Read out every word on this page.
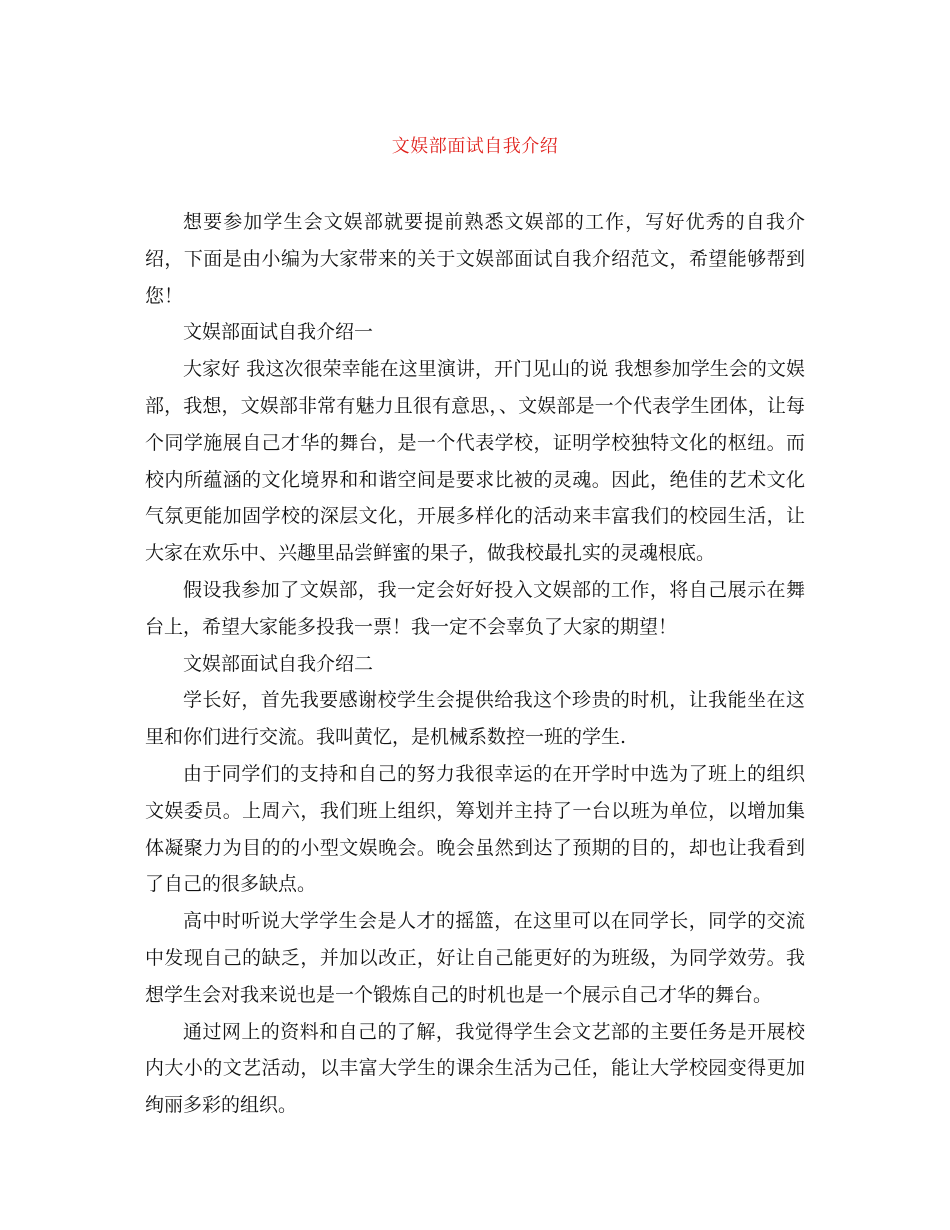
文娱部面试自我介绍

想要参加学生会文娱部就要提前熟悉文娱部的工作，写好优秀的自我介绍，下面是由小编为大家带来的关于文娱部面试自我介绍范文，希望能够帮到您！

文娱部面试自我介绍一

大家好 我这次很荣幸能在这里演讲，开门见山的说 我想参加学生会的文娱部，我想，文娱部非常有魅力且很有意思，、文娱部是一个代表学生团体，让每个同学施展自己才华的舞台，是一个代表学校，证明学校独特文化的枢纽。而校内所蕴涵的文化境界和和谐空间是要求比被的灵魂。因此，绝佳的艺术文化气氛更能加固学校的深层文化，开展多样化的活动来丰富我们的校园生活，让大家在欢乐中、兴趣里品尝鲜蜜的果子，做我校最扎实的灵魂根底。

假设我参加了文娱部，我一定会好好投入文娱部的工作，将自己展示在舞台上，希望大家能多投我一票！我一定不会辜负了大家的期望！

文娱部面试自我介绍二

学长好，首先我要感谢校学生会提供给我这个珍贵的时机，让我能坐在这里和你们进行交流。我叫黄忆，是机械系数控一班的学生.

由于同学们的支持和自己的努力我很幸运的在开学时中选为了班上的组织文娱委员。上周六，我们班上组织，筹划并主持了一台以班为单位，以增加集体凝聚力为目的的小型文娱晚会。晚会虽然到达了预期的目的，却也让我看到了自己的很多缺点。

高中时听说大学学生会是人才的摇篮，在这里可以在同学长，同学的交流中发现自己的缺乏，并加以改正，好让自己能更好的为班级，为同学效劳。我想学生会对我来说也是一个锻炼自己的时机也是一个展示自己才华的舞台。

通过网上的资料和自己的了解，我觉得学生会文艺部的主要任务是开展校内大小的文艺活动，以丰富大学生的课余生活为己任，能让大学校园变得更加绚丽多彩的组织。
